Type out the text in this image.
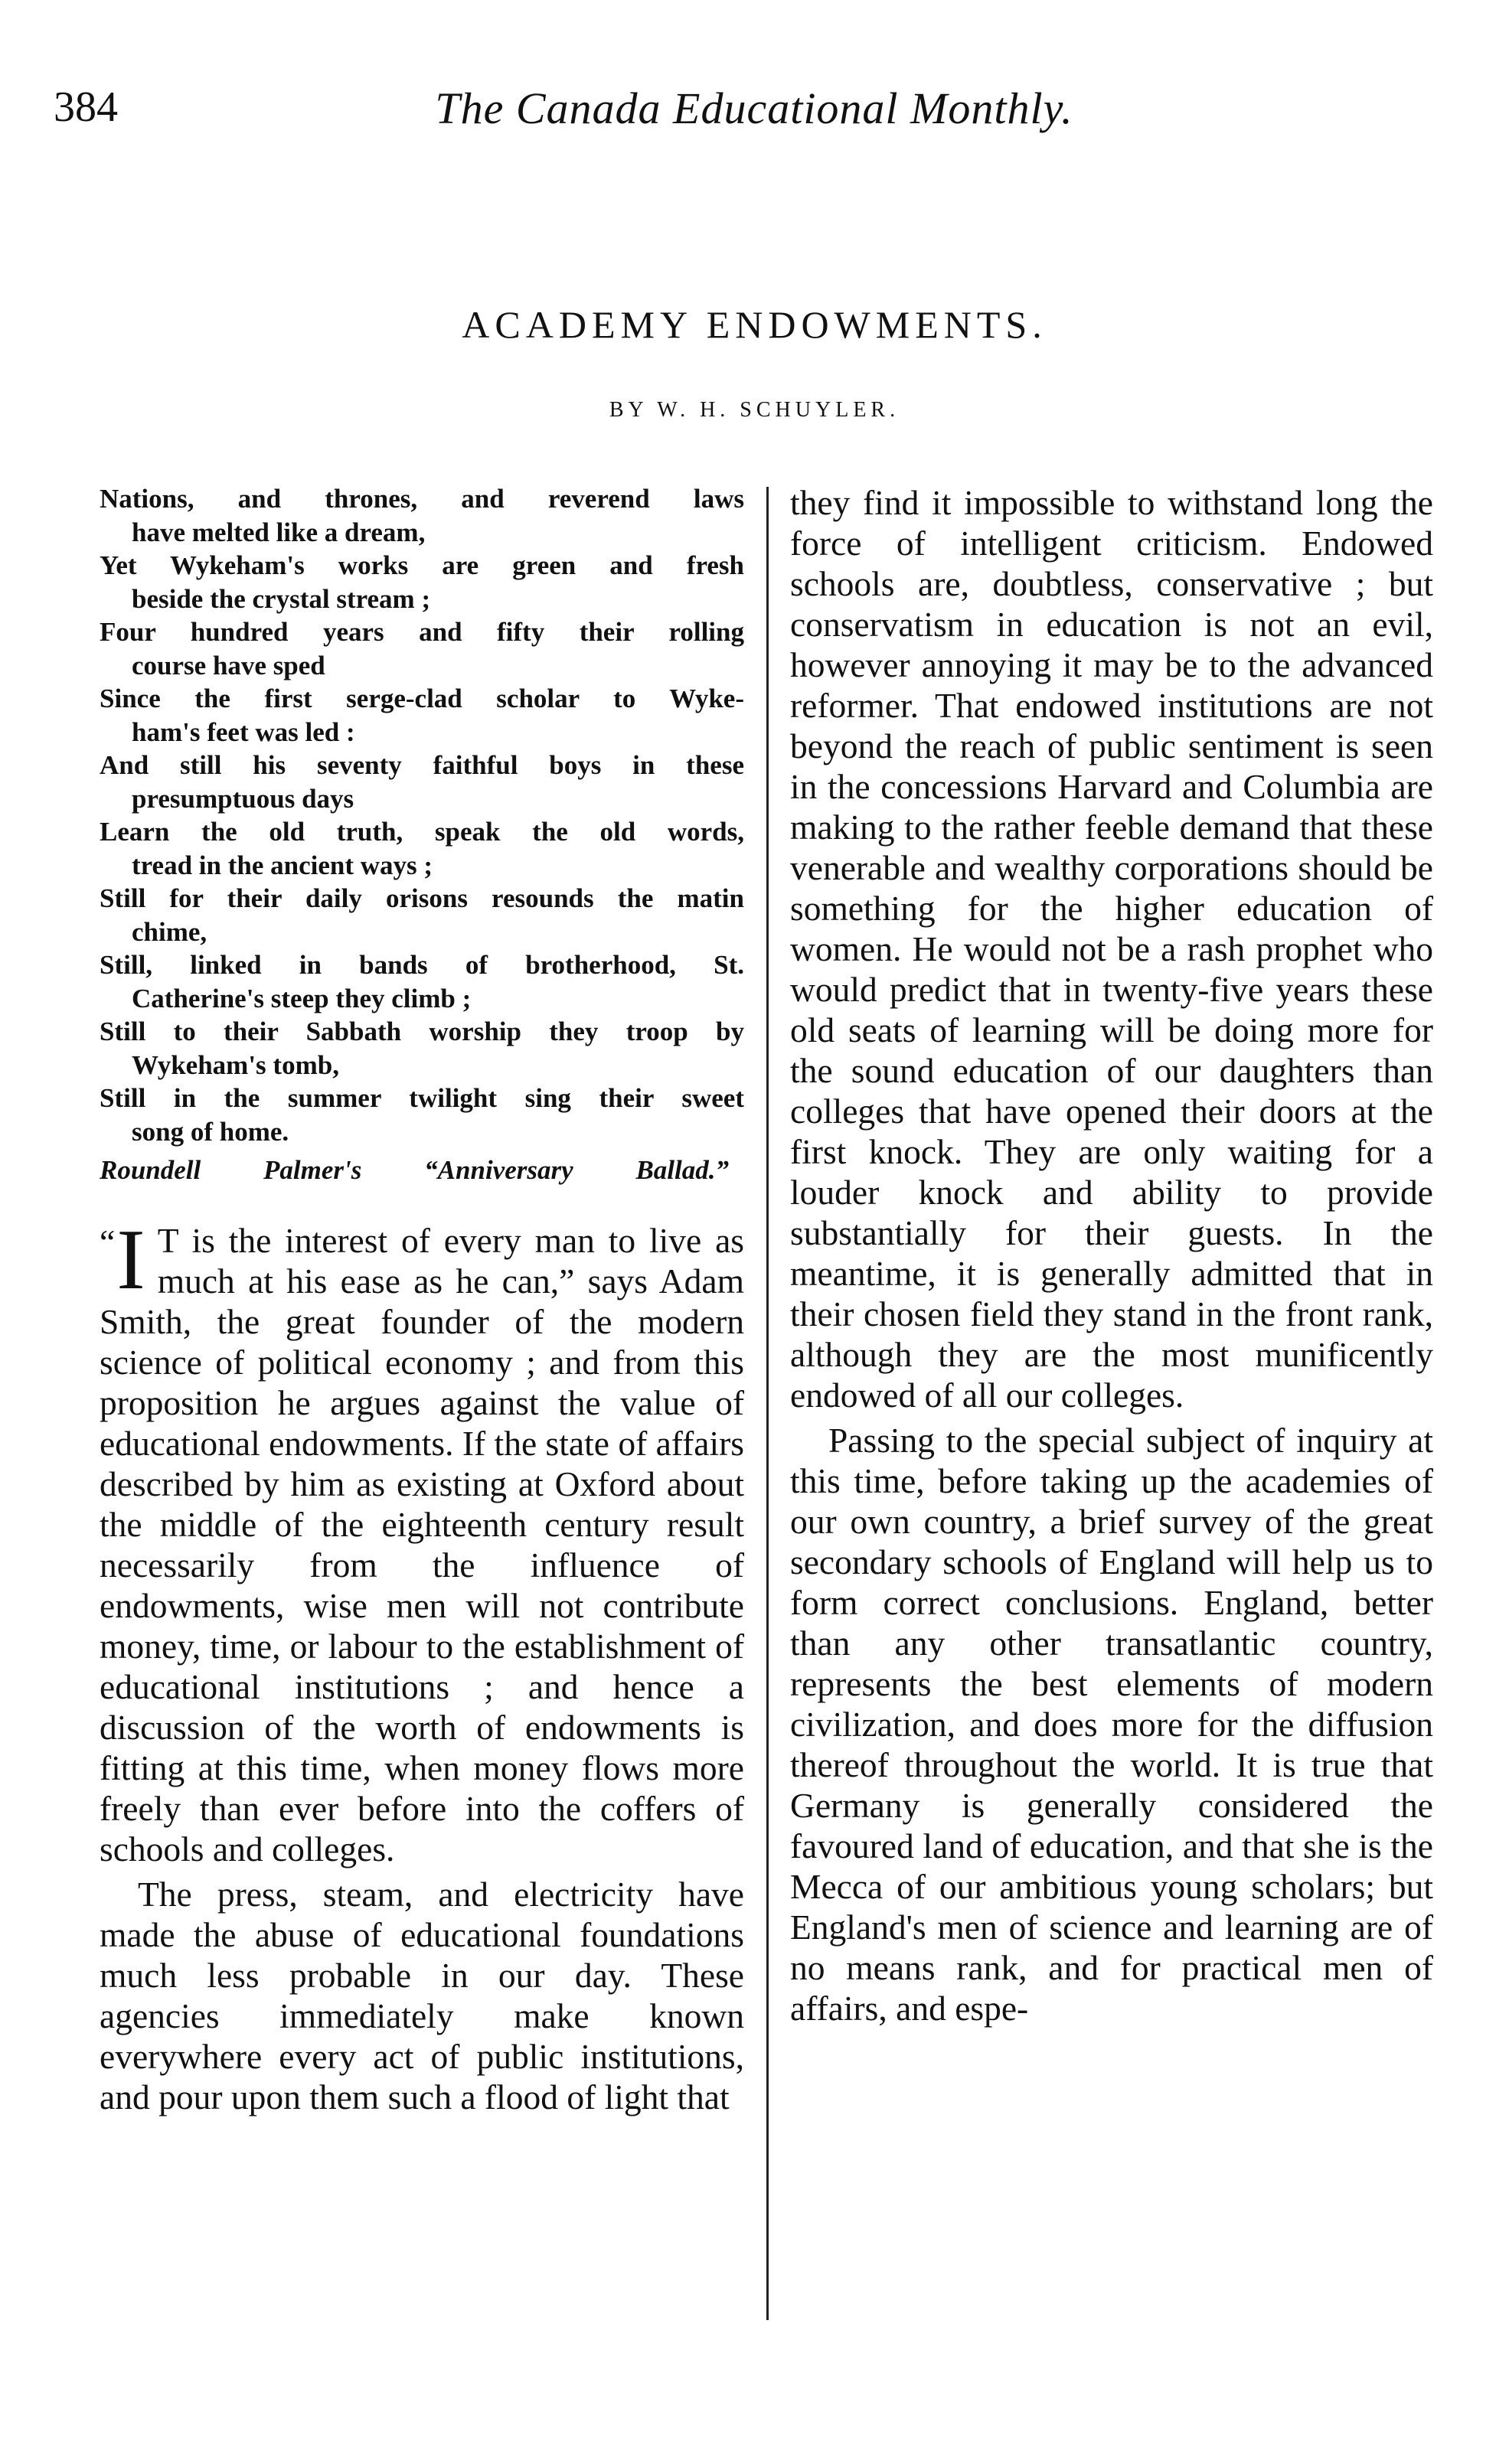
384	The Canada Educational Monthly.
ACADEMY ENDOWMENTS.
BY W. H. SCHUYLER.
Nations, and thrones, and reverend laws
have melted like a dream,
Yet Wykeham's works are green and fresh
beside the crystal stream ;
Four hundred years and fifty their rolling
course have sped
Since the first serge-clad scholar to Wyke-
ham's feet was led :
And still his seventy faithful boys in these
presumptuous days
Learn the old truth, speak the old words,
tread in the ancient ways ;
Still for their daily orisons resounds the matin
chime,
Still, linked in bands of brotherhood, St.
Catherine's steep they climb ;
Still to their Sabbath worship they troop by
Wykeham's tomb,
Still in the summer twilight sing their sweet
song of home.
Roundell Palmer's “Anniversary Ballad.”

“I T is the interest of every man to live as much at his ease as he can,” says Adam Smith, the great founder of the modern science of political economy ; and from this proposition he argues against the value of educational endowments. If the state of affairs described by him as existing at Oxford about the middle of the eighteenth century result necessarily from the influence of endowments, wise men will not contribute money, time, or labour to the establishment of educational institutions ; and hence a discussion of the worth of endowments is fitting at this time, when money flows more freely than ever before into the coffers of schools and colleges.

The press, steam, and electricity have made the abuse of educational foundations much less probable in our day. These agencies immediately make known everywhere every act of public institutions, and pour upon them such a flood of light that

they find it impossible to withstand long the force of intelligent criticism. Endowed schools are, doubtless, conservative ; but conservatism in education is not an evil, however annoying it may be to the advanced reformer. That endowed institutions are not beyond the reach of public sentiment is seen in the concessions Harvard and Columbia are making to the rather feeble demand that these venerable and wealthy corporations should be something for the higher education of women. He would not be a rash prophet who would predict that in twenty-five years these old seats of learning will be doing more for the sound education of our daughters than colleges that have opened their doors at the first knock. They are only waiting for a louder knock and ability to provide substantially for their guests. In the meantime, it is generally admitted that in their chosen field they stand in the front rank, although they are the most munificently endowed of all our colleges.

Passing to the special subject of inquiry at this time, before taking up the academies of our own country, a brief survey of the great secondary schools of England will help us to form correct conclusions. England, better than any other transatlantic country, represents the best elements of modern civilization, and does more for the diffusion thereof throughout the world. It is true that Germany is generally considered the favoured land of education, and that she is the Mecca of our ambitious young scholars; but England's men of science and learning are of no means rank, and for practical men of affairs, and espe-
